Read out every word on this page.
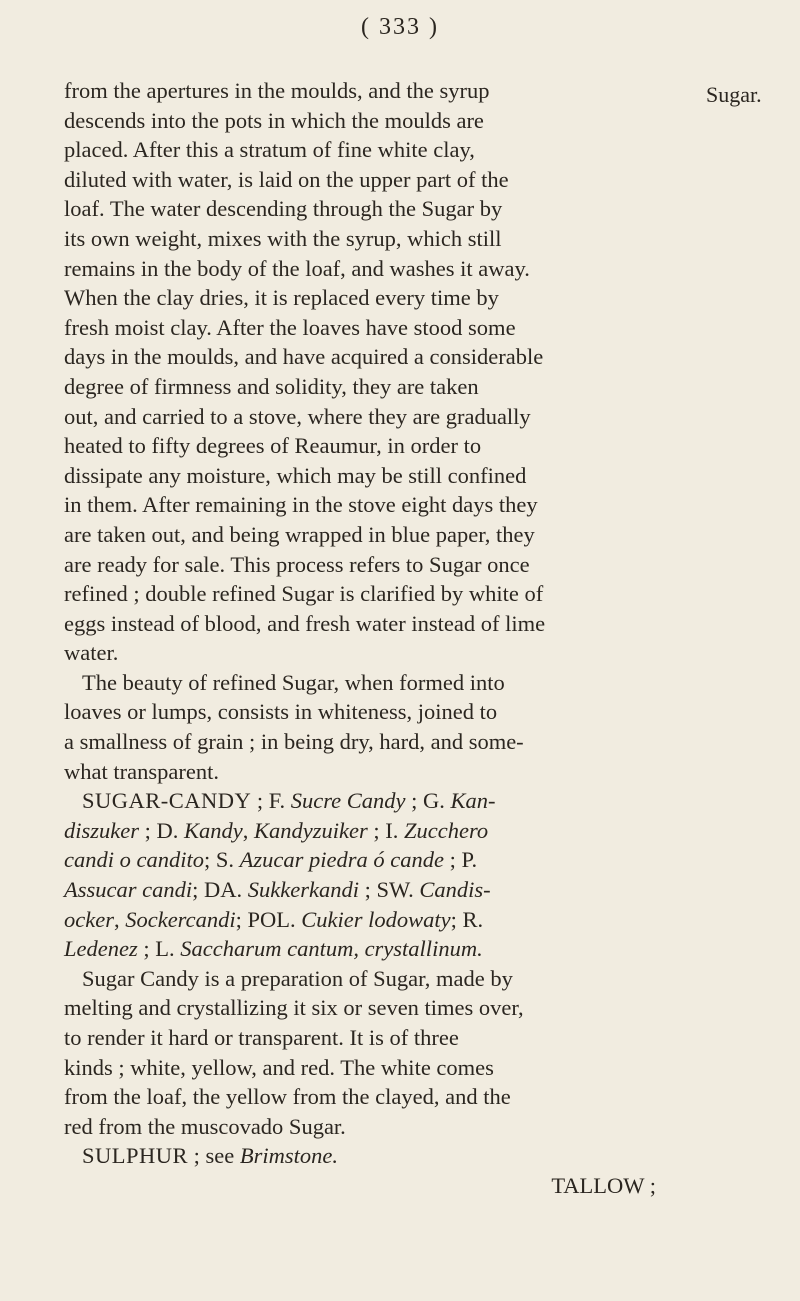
( 333 )
Sugar.
from the apertures in the moulds, and the syrup
descends into the pots in which the moulds are
placed. After this a stratum of fine white clay,
diluted with water, is laid on the upper part of the
loaf. The water descending through the Sugar by
its own weight, mixes with the syrup, which still
remains in the body of the loaf, and washes it away.
When the clay dries, it is replaced every time by
fresh moist clay. After the loaves have stood some
days in the moulds, and have acquired a considerable
degree of firmness and solidity, they are taken
out, and carried to a stove, where they are gradually
heated to fifty degrees of Reaumur, in order to
dissipate any moisture, which may be still confined
in them. After remaining in the stove eight days they
are taken out, and being wrapped in blue paper, they
are ready for sale. This process refers to Sugar once
refined ; double refined Sugar is clarified by white of
eggs instead of blood, and fresh water instead of lime
water.
The beauty of refined Sugar, when formed into
loaves or lumps, consists in whiteness, joined to
a smallness of grain ; in being dry, hard, and some-
what transparent.
SUGAR-CANDY ; F. Sucre Candy ; G. Kan-
diszuker ; D. Kandy, Kandyzuiker ; I. Zucchero
candi o candito; S. Azucar piedra ó cande ; P.
Assucar candi; DA. Sukkerkandi ; SW. Candis-
ocker, Sockercandi; POL. Cukier lodowaty; R.
Ledenez ; L. Saccharum cantum, crystallinum.
Sugar Candy is a preparation of Sugar, made by
melting and crystallizing it six or seven times over,
to render it hard or transparent. It is of three
kinds ; white, yellow, and red. The white comes
from the loaf, the yellow from the clayed, and the
red from the muscovado Sugar.
SULPHUR ; see Brimstone.
TALLOW ;
